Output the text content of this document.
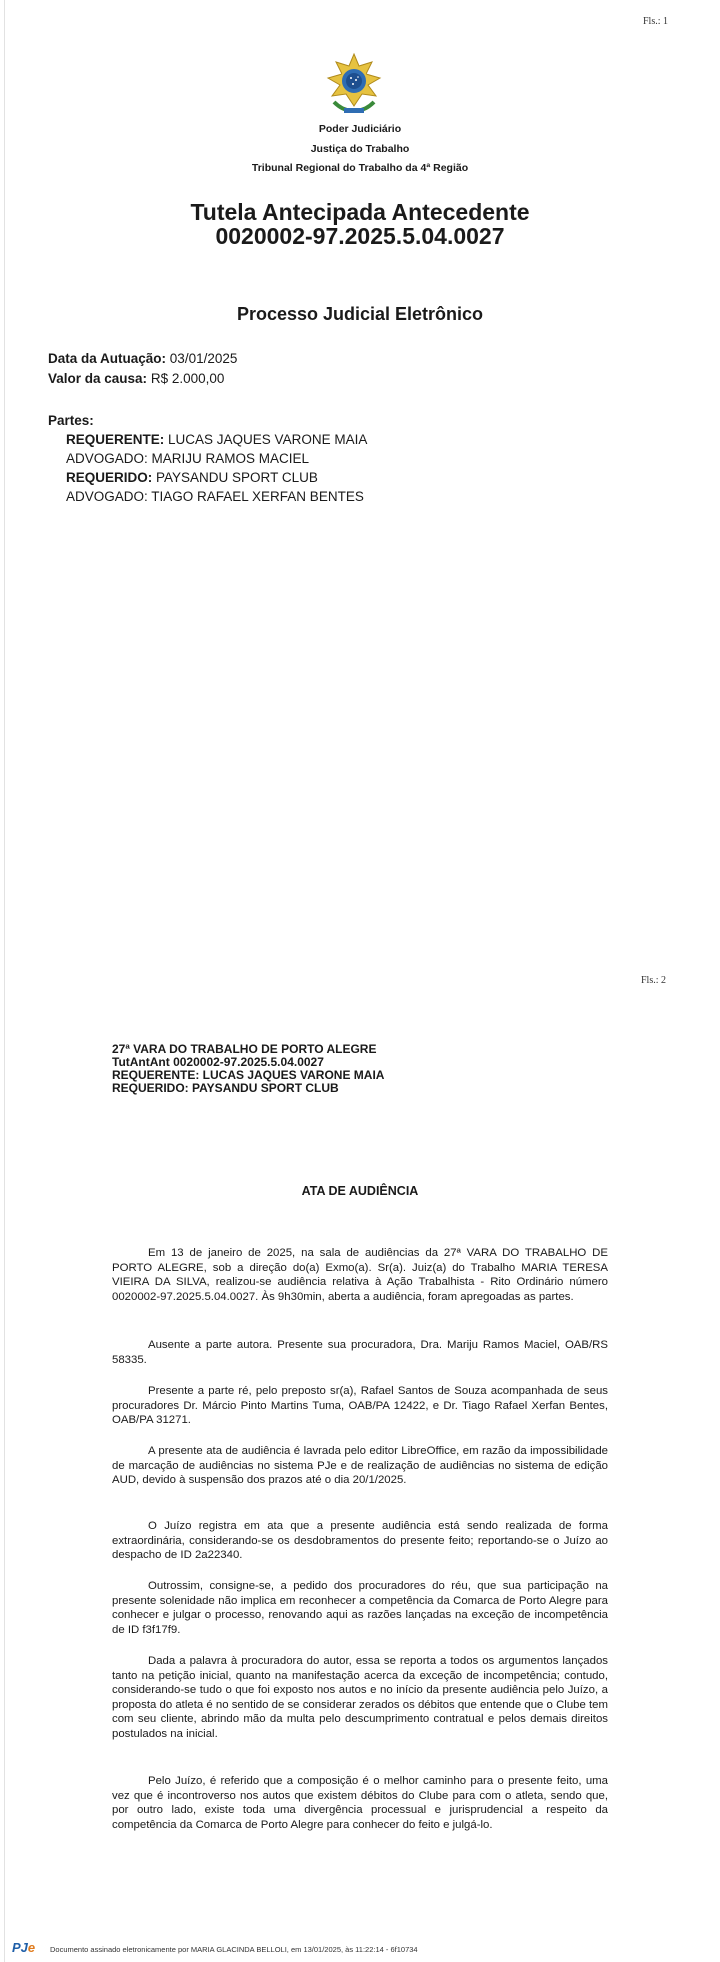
Fls.: 1
Poder Judiciário
Justiça do Trabalho
Tribunal Regional do Trabalho da 4ª Região
Tutela Antecipada Antecedente
0020002-97.2025.5.04.0027
Processo Judicial Eletrônico
Data da Autuação: 03/01/2025
Valor da causa: R$ 2.000,00
Partes:
REQUERENTE: LUCAS JAQUES VARONE MAIA
ADVOGADO: MARIJU RAMOS MACIEL
REQUERIDO: PAYSANDU SPORT CLUB
ADVOGADO: TIAGO RAFAEL XERFAN BENTES
Fls.: 2
27ª VARA DO TRABALHO DE PORTO ALEGRE
TutAntAnt 0020002-97.2025.5.04.0027
REQUERENTE: LUCAS JAQUES VARONE MAIA
REQUERIDO: PAYSANDU SPORT CLUB
ATA DE AUDIÊNCIA
Em 13 de janeiro de 2025, na sala de audiências da 27ª VARA DO TRABALHO DE PORTO ALEGRE, sob a direção do(a) Exmo(a). Sr(a). Juiz(a) do Trabalho MARIA TERESA VIEIRA DA SILVA, realizou-se audiência relativa à Ação Trabalhista - Rito Ordinário número 0020002-97.2025.5.04.0027. Às 9h30min, aberta a audiência, foram apregoadas as partes.
Ausente a parte autora. Presente sua procuradora, Dra. Mariju Ramos Maciel, OAB/RS 58335.
Presente a parte ré, pelo preposto sr(a), Rafael Santos de Souza acompanhada de seus procuradores Dr. Márcio Pinto Martins Tuma, OAB/PA 12422, e Dr. Tiago Rafael Xerfan Bentes, OAB/PA 31271.
A presente ata de audiência é lavrada pelo editor LibreOffice, em razão da impossibilidade de marcação de audiências no sistema PJe e de realização de audiências no sistema de edição AUD, devido à suspensão dos prazos até o dia 20/1/2025.
O Juízo registra em ata que a presente audiência está sendo realizada de forma extraordinária, considerando-se os desdobramentos do presente feito; reportando-se o Juízo ao despacho de ID 2a22340.
Outrossim, consigne-se, a pedido dos procuradores do réu, que sua participação na presente solenidade não implica em reconhecer a competência da Comarca de Porto Alegre para conhecer e julgar o processo, renovando aqui as razões lançadas na exceção de incompetência de ID f3f17f9.
Dada a palavra à procuradora do autor, essa se reporta a todos os argumentos lançados tanto na petição inicial, quanto na manifestação acerca da exceção de incompetência; contudo, considerando-se tudo o que foi exposto nos autos e no início da presente audiência pelo Juízo, a proposta do atleta é no sentido de se considerar zerados os débitos que entende que o Clube tem com seu cliente, abrindo mão da multa pelo descumprimento contratual e pelos demais direitos postulados na inicial.
Pelo Juízo, é referido que a composição é o melhor caminho para o presente feito, uma vez que é incontroverso nos autos que existem débitos do Clube para com o atleta, sendo que, por outro lado, existe toda uma divergência processual e jurisprudencial a respeito da competência da Comarca de Porto Alegre para conhecer do feito e julgá-lo.
PJe Documento assinado eletronicamente por MARIA GLACINDA BELLOLI, em 13/01/2025, às 11:22:14 - 6f10734
